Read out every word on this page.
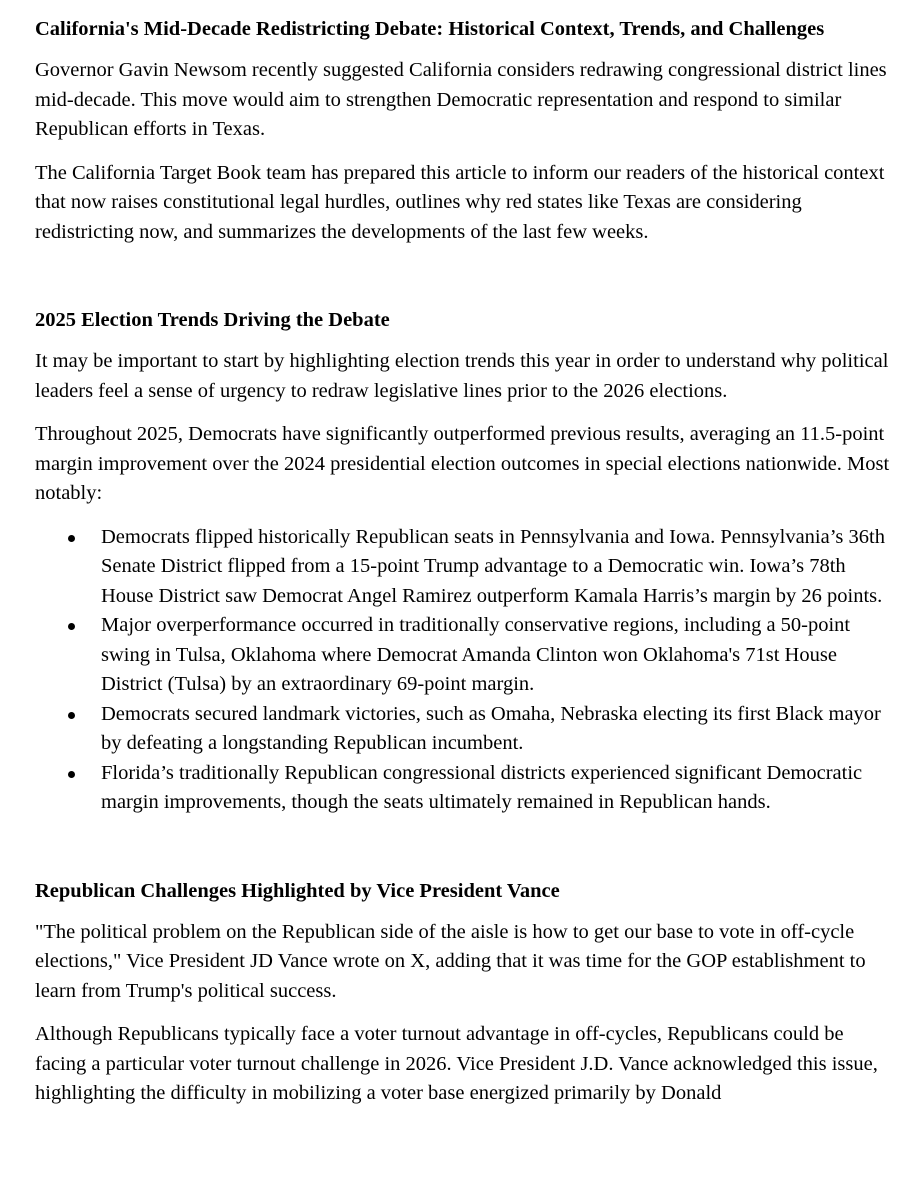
California's Mid-Decade Redistricting Debate: Historical Context, Trends, and Challenges

Governor Gavin Newsom recently suggested California considers redrawing congressional district lines mid-decade. This move would aim to strengthen Democratic representation and respond to similar Republican efforts in Texas.

The California Target Book team has prepared this article to inform our readers of the historical context that now raises constitutional legal hurdles, outlines why red states like Texas are considering redistricting now, and summarizes the developments of the last few weeks.

2025 Election Trends Driving the Debate

It may be important to start by highlighting election trends this year in order to understand why political leaders feel a sense of urgency to redraw legislative lines prior to the 2026 elections.

Throughout 2025, Democrats have significantly outperformed previous results, averaging an 11.5-point margin improvement over the 2024 presidential election outcomes in special elections nationwide. Most notably:

Democrats flipped historically Republican seats in Pennsylvania and Iowa. Pennsylvania’s 36th Senate District flipped from a 15-point Trump advantage to a Democratic win. Iowa’s 78th House District saw Democrat Angel Ramirez outperform Kamala Harris’s margin by 26 points.
Major overperformance occurred in traditionally conservative regions, including a 50-point swing in Tulsa, Oklahoma where Democrat Amanda Clinton won Oklahoma's 71st House District (Tulsa) by an extraordinary 69-point margin.
Democrats secured landmark victories, such as Omaha, Nebraska electing its first Black mayor by defeating a longstanding Republican incumbent.
Florida’s traditionally Republican congressional districts experienced significant Democratic margin improvements, though the seats ultimately remained in Republican hands.
Republican Challenges Highlighted by Vice President Vance

"The political problem on the Republican side of the aisle is how to get our base to vote in off-cycle elections," Vice President JD Vance wrote on X, adding that it was time for the GOP establishment to learn from Trump's political success.

Although Republicans typically face a voter turnout advantage in off-cycles, Republicans could be facing a particular voter turnout challenge in 2026. Vice President J.D. Vance acknowledged this issue, highlighting the difficulty in mobilizing a voter base energized primarily by Donald
